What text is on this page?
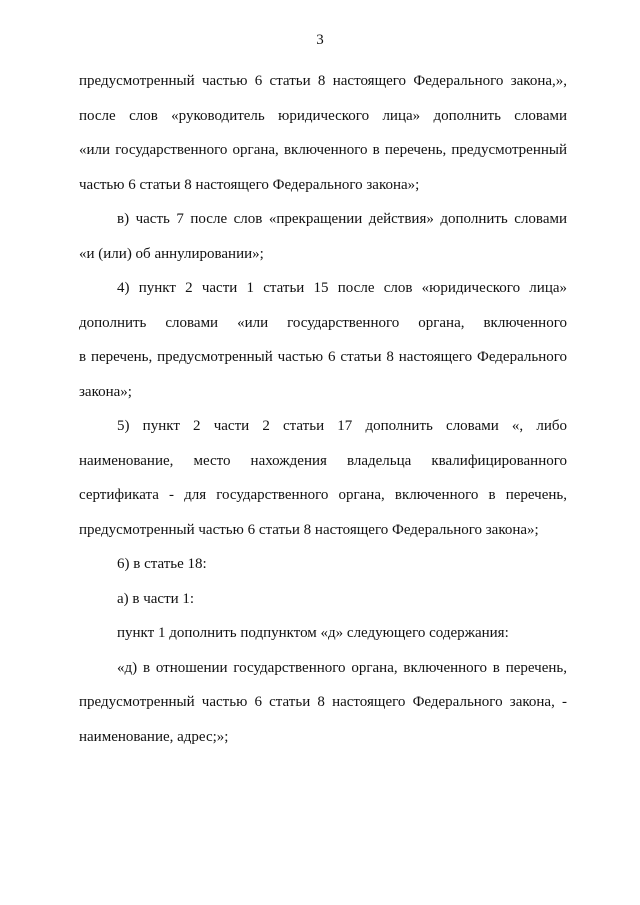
3
предусмотренный частью 6 статьи 8 настоящего Федерального закона,»,
после слов «руководитель юридического лица» дополнить словами
«или государственного органа, включенного в перечень, предусмотренный
частью 6 статьи 8 настоящего Федерального закона»;
в) часть 7 после слов «прекращении действия» дополнить словами
«и (или) об аннулировании»;
4) пункт 2 части 1 статьи 15 после слов «юридического лица»
дополнить словами «или государственного органа, включенного
в перечень, предусмотренный частью 6 статьи 8 настоящего Федерального
закона»;
5) пункт 2 части 2 статьи 17 дополнить словами «, либо
наименование, место нахождения владельца квалифицированного
сертификата - для государственного органа, включенного в перечень,
предусмотренный частью 6 статьи 8 настоящего Федерального закона»;
6) в статье 18:
а) в части 1:
пункт 1 дополнить подпунктом «д» следующего содержания:
«д) в отношении государственного органа, включенного в перечень,
предусмотренный частью 6 статьи 8 настоящего Федерального закона, -
наименование, адрес;»;
